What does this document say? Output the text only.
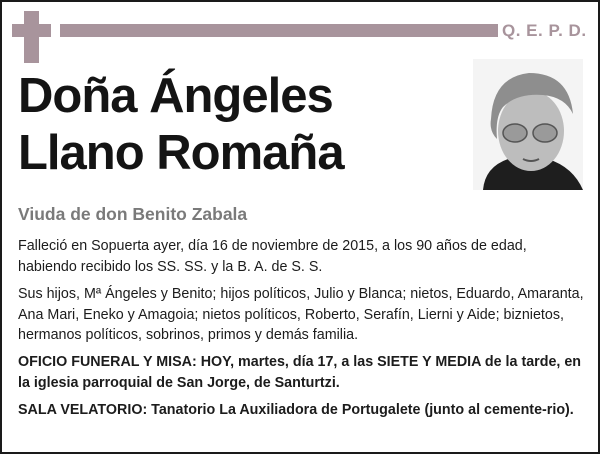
Q. E. P. D.
Doña Ángeles
Llano Romaña
Viuda de don Benito Zabala
Falleció en Sopuerta ayer, día 16 de noviembre de 2015, a los 90 años de edad, habiendo recibido los SS. SS. y la B. A. de S. S.
Sus hijos, Mª Ángeles y Benito; hijos políticos, Julio y Blanca; nietos, Eduardo, Amaranta, Ana Mari, Eneko y Amagoia; nietos políticos, Roberto, Serafín, Lierni y Aide; biznietos, hermanos políticos, sobrinos, primos y demás familia.
OFICIO FUNERAL Y MISA: HOY, martes, día 17, a las SIETE Y MEDIA de la tarde, en la iglesia parroquial de San Jorge, de Santurtzi.
SALA VELATORIO: Tanatorio La Auxiliadora de Portugalete (junto al cemente-rio).
